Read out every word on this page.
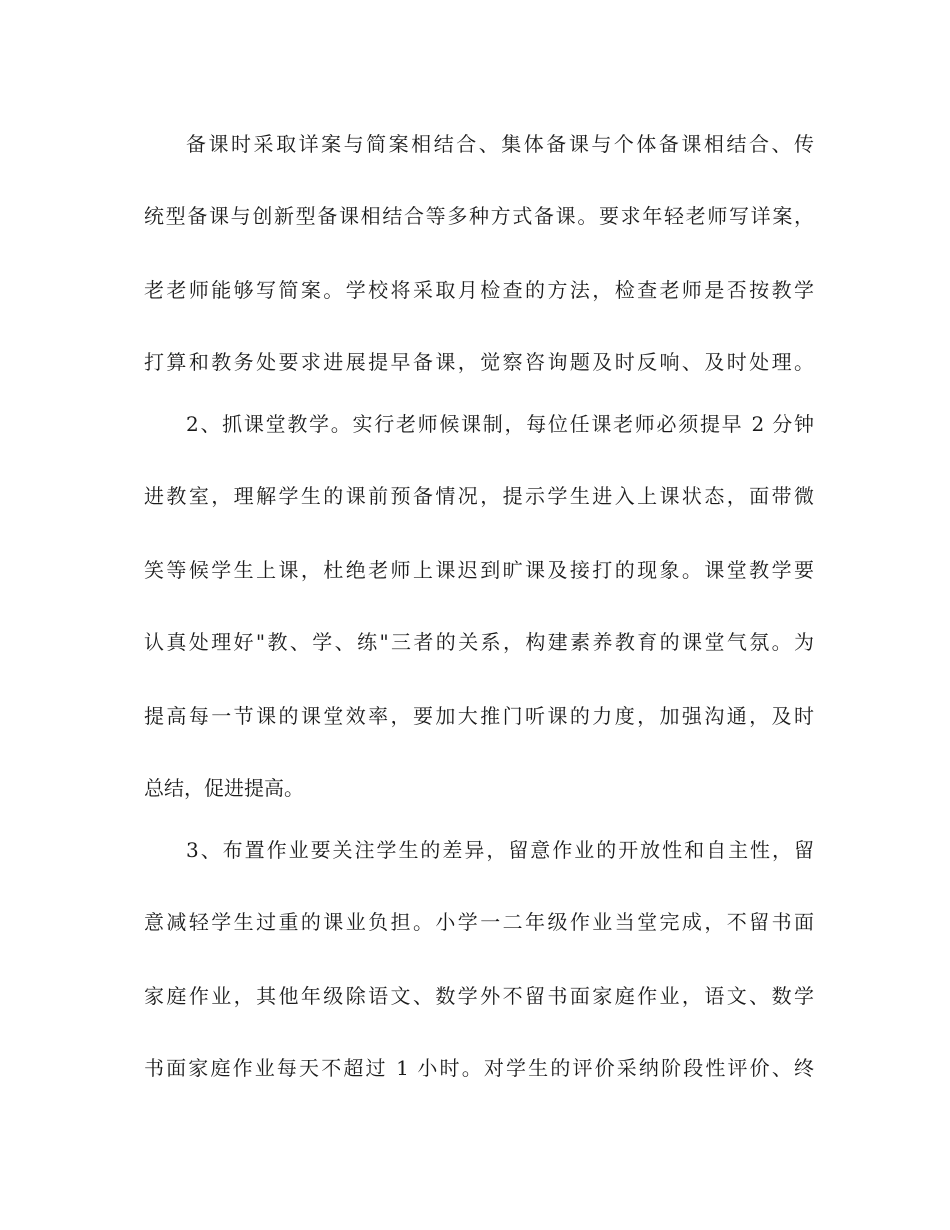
备课时采取详案与简案相结合、集体备课与个体备课相结合、传
统型备课与创新型备课相结合等多种方式备课。要求年轻老师写详案，
老老师能够写简案。学校将采取月检查的方法，检查老师是否按教学
打算和教务处要求进展提早备课，觉察咨询题及时反响、及时处理。
2、抓课堂教学。实行老师候课制，每位任课老师必须提早 2 分钟
进教室，理解学生的课前预备情况，提示学生进入上课状态，面带微
笑等候学生上课，杜绝老师上课迟到旷课及接打的现象。课堂教学要
认真处理好"教、学、练"三者的关系，构建素养教育的课堂气氛。为
提高每一节课的课堂效率，要加大推门听课的力度，加强沟通，及时
总结，促进提高。
3、布置作业要关注学生的差异，留意作业的开放性和自主性，留
意减轻学生过重的课业负担。小学一二年级作业当堂完成，不留书面
家庭作业，其他年级除语文、数学外不留书面家庭作业，语文、数学
书面家庭作业每天不超过 1 小时。对学生的评价采纳阶段性评价、终
